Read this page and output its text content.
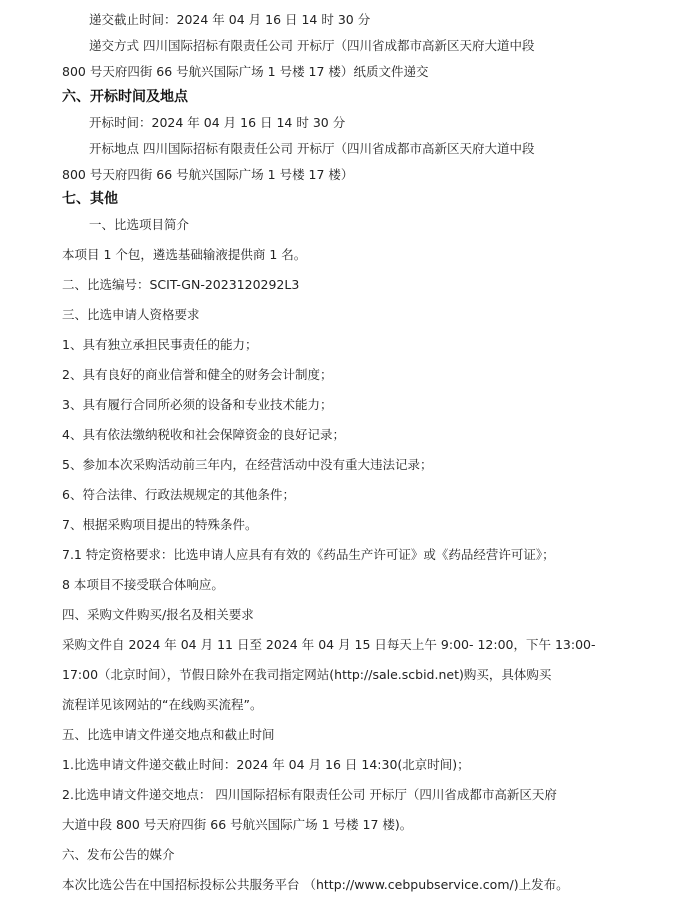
递交截止时间：2024 年 04 月 16 日 14 时 30 分
递交方式 四川国际招标有限责任公司 开标厅（四川省成都市高新区天府大道中段
800 号天府四街 66 号航兴国际广场 1 号楼 17 楼）纸质文件递交
六、开标时间及地点
开标时间：2024 年 04 月 16 日 14 时 30 分
开标地点 四川国际招标有限责任公司 开标厅（四川省成都市高新区天府大道中段
800 号天府四街 66 号航兴国际广场 1 号楼 17 楼）
七、其他
一、比选项目简介
本项目 1 个包，遴选基础输液提供商 1 名。
二、比选编号：SCIT-GN-2023120292L3
三、比选申请人资格要求
1、具有独立承担民事责任的能力；
2、具有良好的商业信誉和健全的财务会计制度；
3、具有履行合同所必须的设备和专业技术能力；
4、具有依法缴纳税收和社会保障资金的良好记录；
5、参加本次采购活动前三年内，在经营活动中没有重大违法记录；
6、符合法律、行政法规规定的其他条件；
7、根据采购项目提出的特殊条件。
7.1 特定资格要求：比选申请人应具有有效的《药品生产许可证》或《药品经营许可证》；
8 本项目不接受联合体响应。
四、采购文件购买/报名及相关要求
采购文件自 2024 年 04 月 11 日至 2024 年 04 月 15 日每天上午 9:00- 12:00，下午 13:00-
17:00（北京时间），节假日除外在我司指定网站(http://sale.scbid.net)购买，具体购买
流程详见该网站的“在线购买流程”。
五、比选申请文件递交地点和截止时间
1.比选申请文件递交截止时间：2024 年 04 月 16 日 14:30(北京时间)；
2.比选申请文件递交地点： 四川国际招标有限责任公司 开标厅（四川省成都市高新区天府
大道中段 800 号天府四街 66 号航兴国际广场 1 号楼 17 楼)。
六、发布公告的媒介
本次比选公告在中国招标投标公共服务平台 （http://www.cebpubservice.com/)上发布。
